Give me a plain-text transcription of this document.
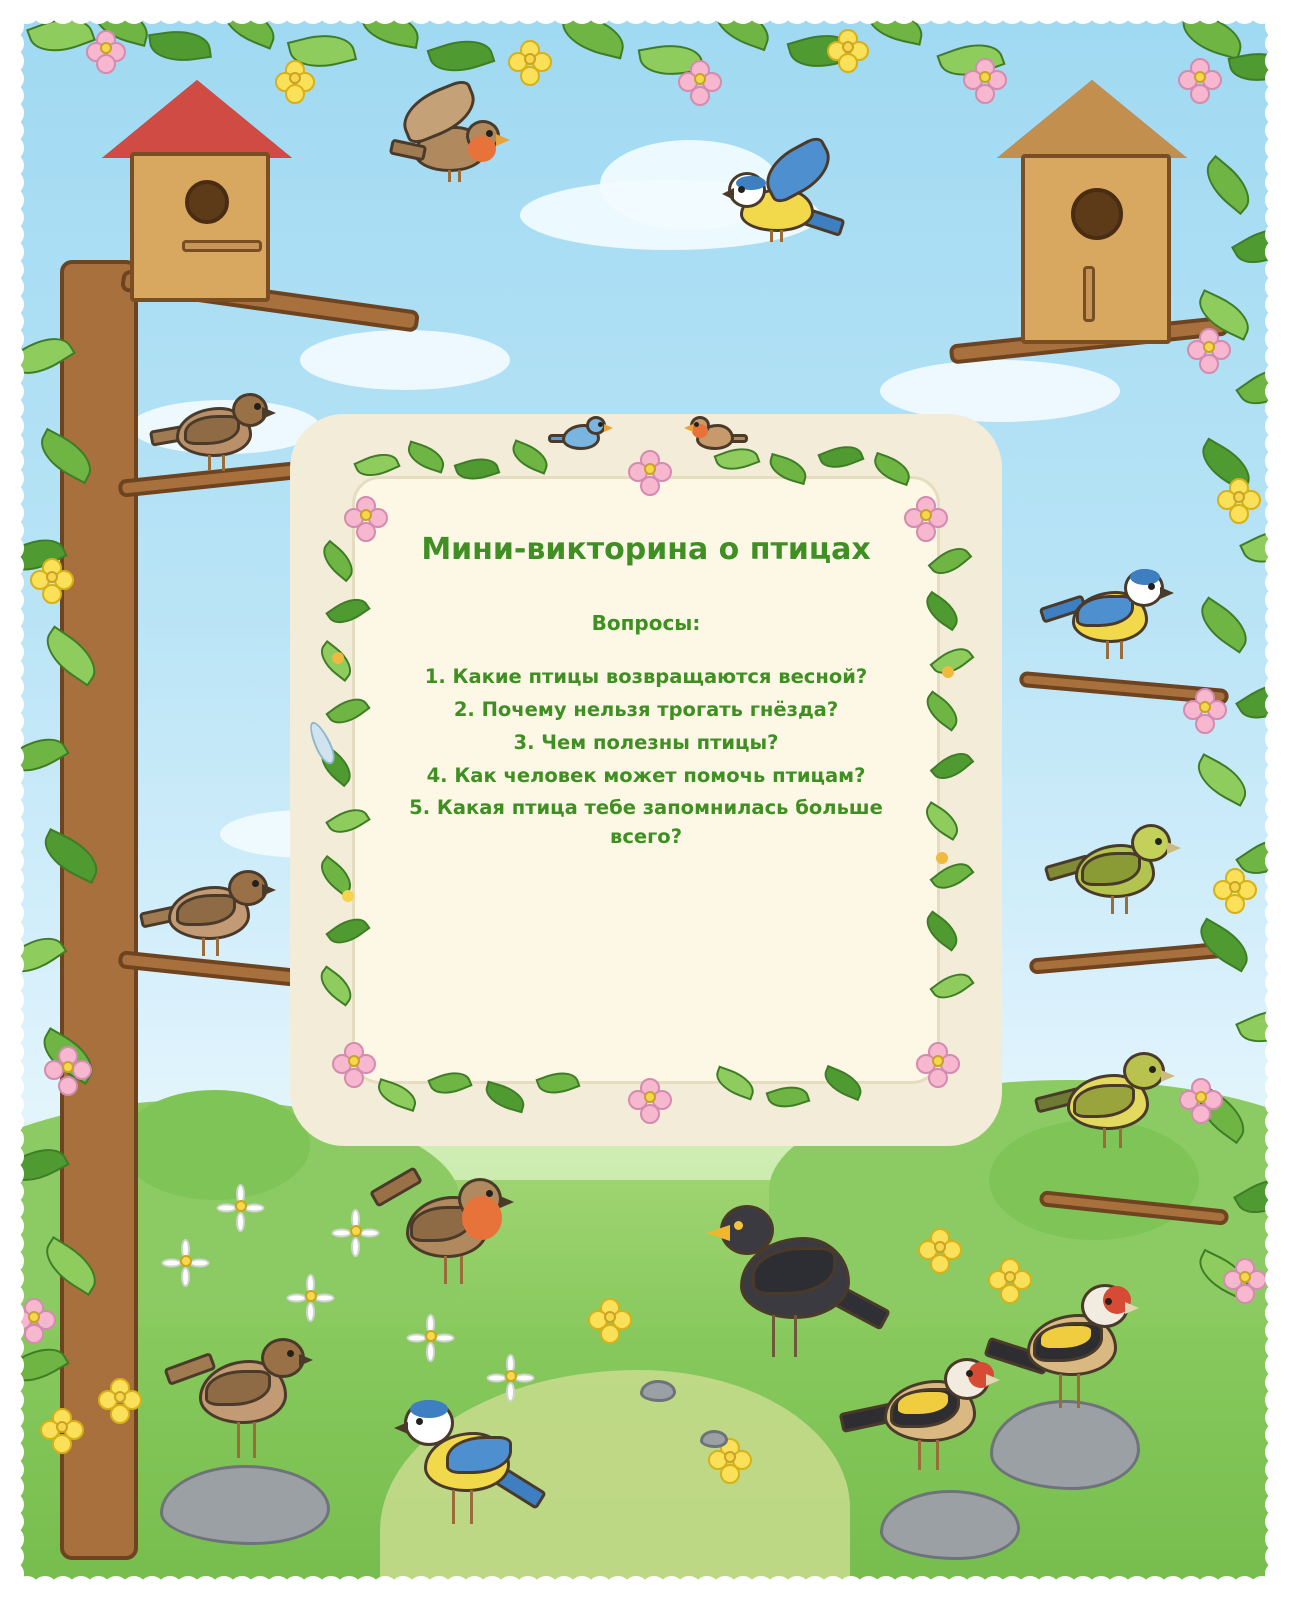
Мини-викторина о птицах
Вопросы:
1. Какие птицы возвращаются весной?
2. Почему нельзя трогать гнёзда?
3. Чем полезны птицы?
4. Как человек может помочь птицам?
5. Какая птица тебе запомнилась больше всего?
